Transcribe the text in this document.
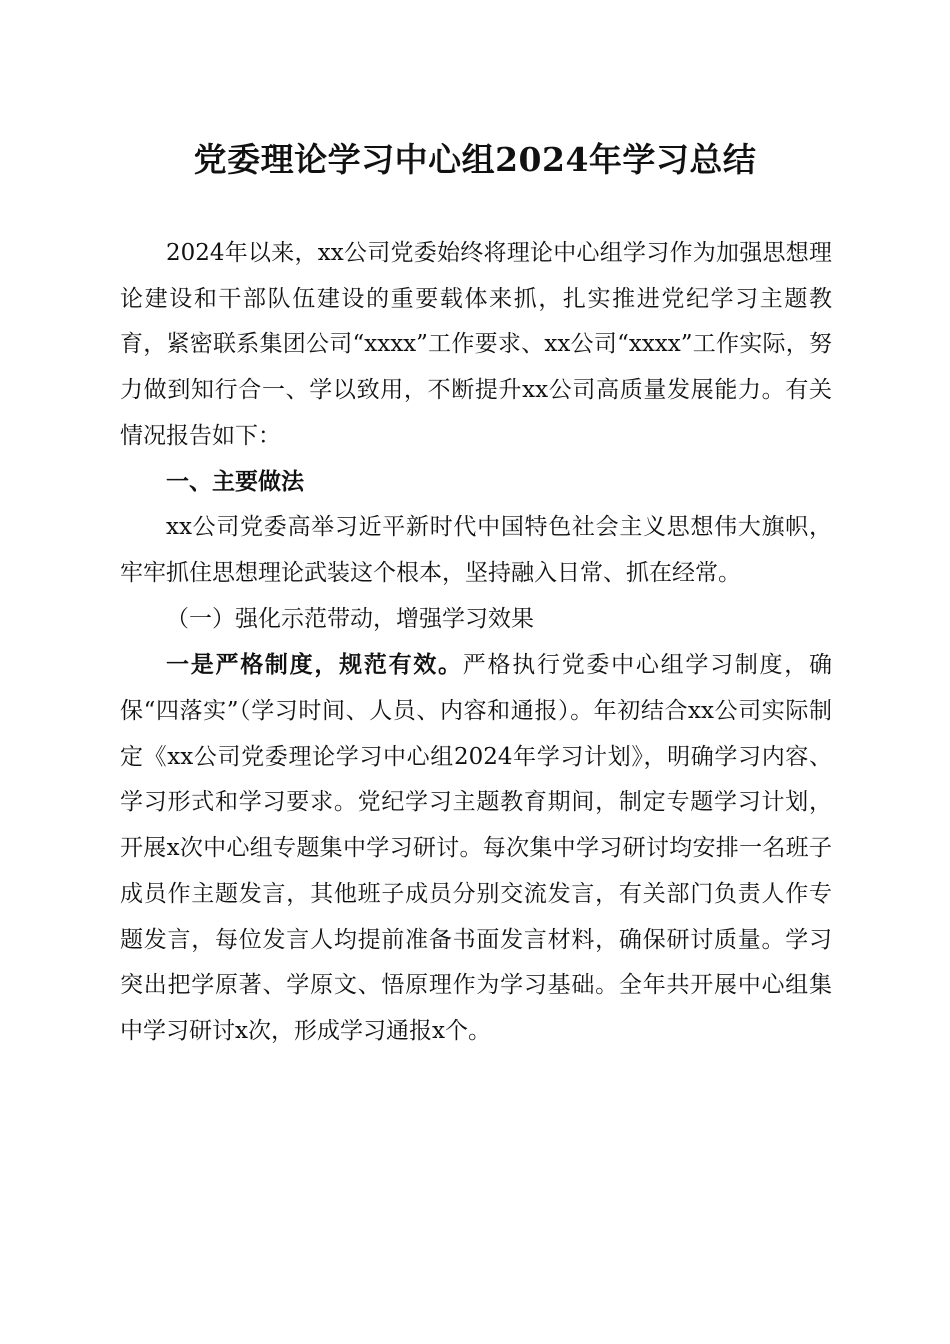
党委理论学习中心组2024年学习总结

2024年以来，xx公司党委始终将理论中心组学习作为加强思想理论建设和干部队伍建设的重要载体来抓，扎实推进党纪学习主题教育，紧密联系集团公司“xxxx”工作要求、xx公司“xxxx”工作实际，努力做到知行合一、学以致用，不断提升xx公司高质量发展能力。有关情况报告如下：

一、主要做法

xx公司党委高举习近平新时代中国特色社会主义思想伟大旗帜，牢牢抓住思想理论武装这个根本，坚持融入日常、抓在经常。

（一）强化示范带动，增强学习效果

一是严格制度，规范有效。严格执行党委中心组学习制度，确保“四落实”（学习时间、人员、内容和通报）。年初结合xx公司实际制定《xx公司党委理论学习中心组2024年学习计划》，明确学习内容、学习形式和学习要求。党纪学习主题教育期间，制定专题学习计划，开展x次中心组专题集中学习研讨。每次集中学习研讨均安排一名班子成员作主题发言，其他班子成员分别交流发言，有关部门负责人作专题发言，每位发言人均提前准备书面发言材料，确保研讨质量。学习突出把学原著、学原文、悟原理作为学习基础。全年共开展中心组集中学习研讨x次，形成学习通报x个。
